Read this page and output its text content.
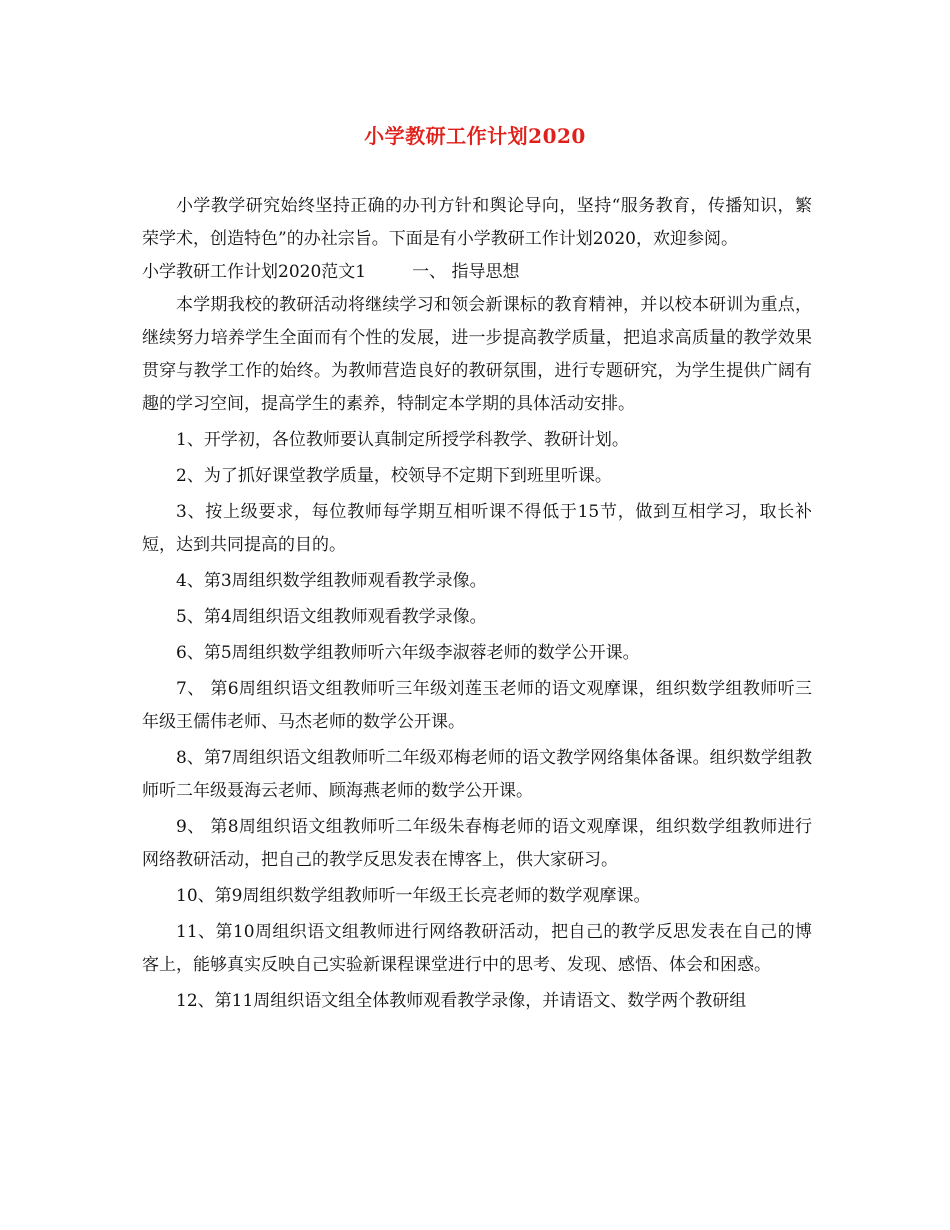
小学教研工作计划2020

小学教学研究始终坚持正确的办刊方针和舆论导向，坚持“服务教育，传播知识，繁荣学术，创造特色”的办社宗旨。下面是有小学教研工作计划2020，欢迎参阅。

小学教研工作计划2020范文1	一、 指导思想

本学期我校的教研活动将继续学习和领会新课标的教育精神，并以校本研训为重点，继续努力培养学生全面而有个性的发展，进一步提高教学质量，把追求高质量的教学效果贯穿与教学工作的始终。为教师营造良好的教研氛围，进行专题研究，为学生提供广阔有趣的学习空间，提高学生的素养，特制定本学期的具体活动安排。

1、开学初，各位教师要认真制定所授学科教学、教研计划。

2、为了抓好课堂教学质量，校领导不定期下到班里听课。

3、按上级要求，每位教师每学期互相听课不得低于15节，做到互相学习，取长补短，达到共同提高的目的。

4、第3周组织数学组教师观看教学录像。

5、第4周组织语文组教师观看教学录像。

6、第5周组织数学组教师听六年级李淑蓉老师的数学公开课。

7、 第6周组织语文组教师听三年级刘莲玉老师的语文观摩课，组织数学组教师听三年级王儒伟老师、马杰老师的数学公开课。

8、第7周组织语文组教师听二年级邓梅老师的语文教学网络集体备课。组织数学组教师听二年级聂海云老师、顾海燕老师的数学公开课。

9、 第8周组织语文组教师听二年级朱春梅老师的语文观摩课，组织数学组教师进行网络教研活动，把自己的教学反思发表在博客上，供大家研习。

10、第9周组织数学组教师听一年级王长亮老师的数学观摩课。

11、第10周组织语文组教师进行网络教研活动，把自己的教学反思发表在自己的博客上，能够真实反映自己实验新课程课堂进行中的思考、发现、感悟、体会和困惑。

12、第11周组织语文组全体教师观看教学录像，并请语文、数学两个教研组
